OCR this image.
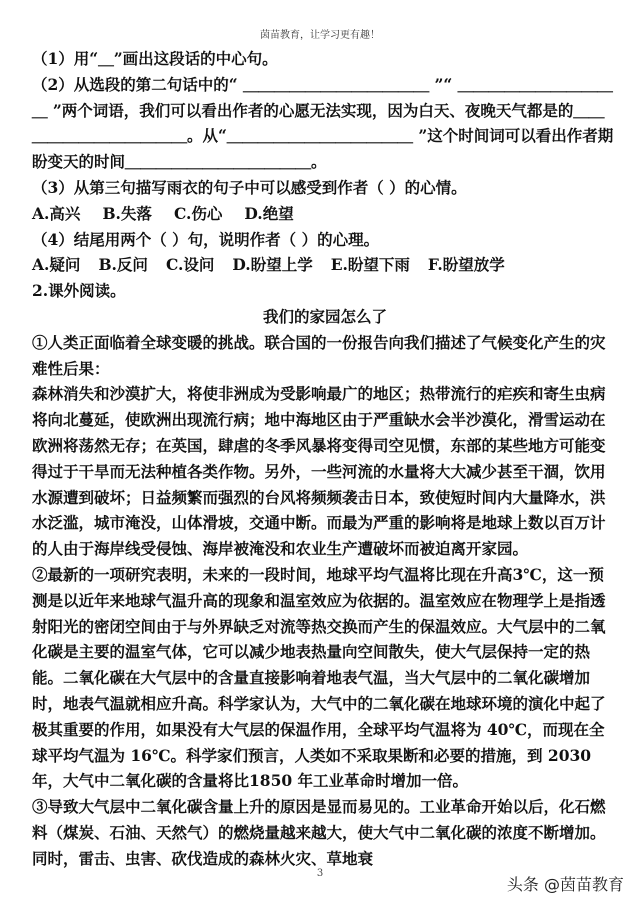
茵苗教育，让学习更有趣！

（1）用“＿”画出这段话的中心句。

（2）从选段的第二句话中的“ ＿＿＿＿＿＿＿＿＿＿＿＿ ”“ ＿＿＿＿＿＿＿＿＿＿＿ ”两个词语，我们可以看出作者的心愿无法实现，因为白天、夜晚天气都是的＿＿＿＿＿＿＿＿＿＿＿＿。从“＿＿＿＿＿＿＿＿＿＿＿＿ ”这个时间词可以看出作者期盼变天的时间＿＿＿＿＿＿＿＿＿＿＿＿。

（3）从第三句描写雨衣的句子中可以感受到作者（ ）的心情。

A.高兴 B.失落 C.伤心 D.绝望

（4）结尾用两个（ ）句，说明作者（ ）的心理。

A.疑问 B.反问 C.设问 D.盼望上学 E.盼望下雨 F.盼望放学

2.课外阅读。

我们的家园怎么了

①人类正面临着全球变暖的挑战。联合国的一份报告向我们描述了气候变化产生的灾难性后果：

森林消失和沙漠扩大，将使非洲成为受影响最广的地区；热带流行的疟疾和寄生虫病将向北蔓延，使欧洲出现流行病；地中海地区由于严重缺水会半沙漠化，滑雪运动在欧洲将荡然无存；在英国，肆虐的冬季风暴将变得司空见惯，东部的某些地方可能变得过于干旱而无法种植各类作物。另外，一些河流的水量将大大减少甚至干涸，饮用水源遭到破坏；日益频繁而强烈的台风将频频袭击日本，致使短时间内大量降水，洪水泛滥，城市淹没，山体滑坡，交通中断。而最为严重的影响将是地球上数以百万计的人由于海岸线受侵蚀、海岸被淹没和农业生产遭破坏而被迫离开家园。

②最新的一项研究表明，未来的一段时间，地球平均气温将比现在升高3℃，这一预测是以近年来地球气温升高的现象和温室效应为依据的。温室效应在物理学上是指透射阳光的密闭空间由于与外界缺乏对流等热交换而产生的保温效应。大气层中的二氧化碳是主要的温室气体，它可以减少地表热量向空间散失，使大气层保持一定的热能。二氧化碳在大气层中的含量直接影响着地表气温，当大气层中的二氧化碳增加时，地表气温就相应升高。科学家认为，大气中的二氧化碳在地球环境的演化中起了极其重要的作用，如果没有大气层的保温作用，全球平均气温将为 40℃，而现在全球平均气温为 16℃。科学家们预言，人类如不采取果断和必要的措施，到 2030 年，大气中二氧化碳的含量将比1850 年工业革命时增加一倍。

③导致大气层中二氧化碳含量上升的原因是显而易见的。工业革命开始以后，化石燃料（煤炭、石油、天然气）的燃烧量越来越大，使大气中二氧化碳的浓度不断增加。同时，雷击、虫害、砍伐造成的森林火灾、草地衰

3
头条 @茵苗教育
